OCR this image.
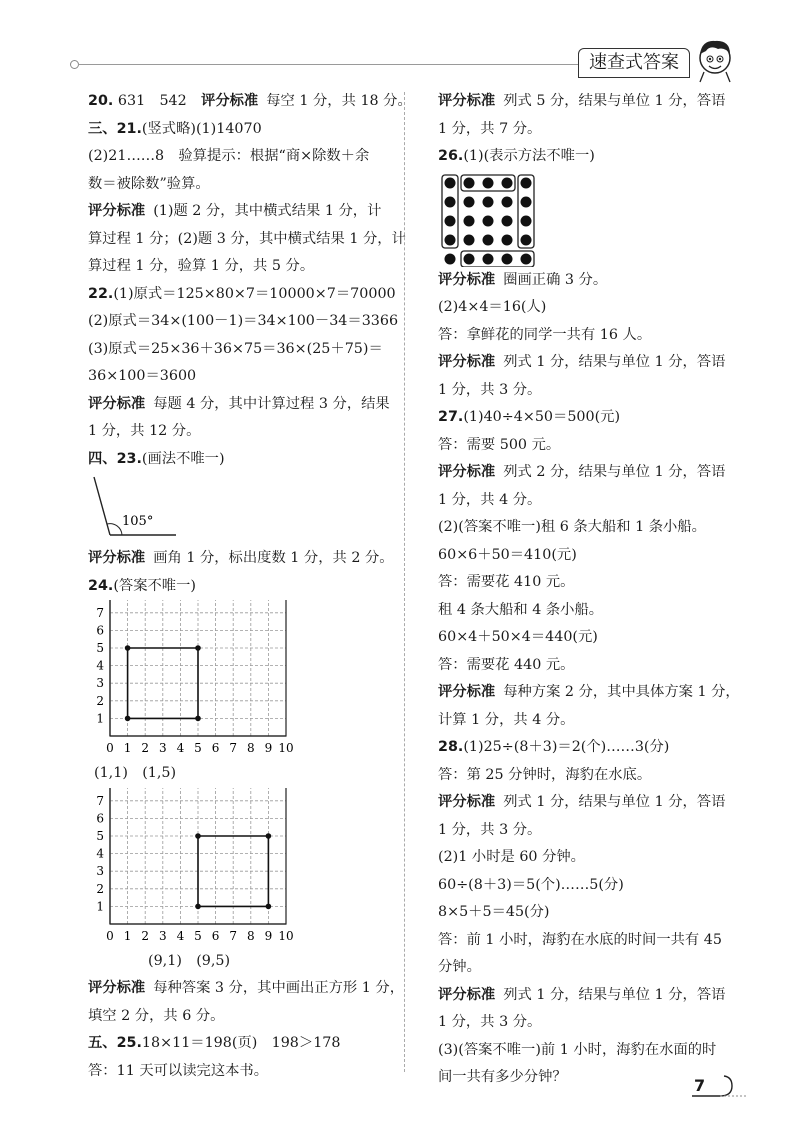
速查式答案
20. 631　542　 评分标准 每空 1 分，共 18 分。
三、21.(竖式略)(1)14070
(2)21……8　验算提示：根据“商×除数＋余
数＝被除数”验算。
评分标准 (1)题 2 分，其中横式结果 1 分，计
算过程 1 分；(2)题 3 分，其中横式结果 1 分，计
算过程 1 分，验算 1 分，共 5 分。
22.(1)原式＝125×80×7＝10000×7＝70000
(2)原式＝34×(100－1)＝34×100－34＝3366
(3)原式＝25×36＋36×75＝36×(25＋75)＝
36×100＝3600
评分标准 每题 4 分，其中计算过程 3 分，结果
1 分，共 12 分。
四、23.(画法不唯一)
105°
评分标准 画角 1 分，标出度数 1 分，共 2 分。
24.(答案不唯一)
0 1 2 3 4 5 6 7 8 9 10
1
2
3
4
5
6
7
(1,1)　(1,5)
0 1 2 3 4 5 6 7 8 9 10
1
2
3
4
5
6
7
(9,1)　(9,5)
评分标准 每种答案 3 分，其中画出正方形 1 分，
填空 2 分，共 6 分。
五、25.18×11＝198(页)　198＞178
答：11 天可以读完这本书。
评分标准 列式 5 分，结果与单位 1 分，答语
1 分，共 7 分。
26.(1)(表示方法不唯一)
评分标准 圈画正确 3 分。
(2)4×4＝16(人)
答：拿鲜花的同学一共有 16 人。
评分标准 列式 1 分，结果与单位 1 分，答语
1 分，共 3 分。
27.(1)40÷4×50＝500(元)
答：需要 500 元。
评分标准 列式 2 分，结果与单位 1 分，答语
1 分，共 4 分。
(2)(答案不唯一)租 6 条大船和 1 条小船。
60×6＋50＝410(元)
答：需要花 410 元。
租 4 条大船和 4 条小船。
60×4＋50×4＝440(元)
答：需要花 440 元。
评分标准 每种方案 2 分，其中具体方案 1 分，
计算 1 分，共 4 分。
28.(1)25÷(8＋3)＝2(个)……3(分)
答：第 25 分钟时，海豹在水底。
评分标准 列式 1 分，结果与单位 1 分，答语
1 分，共 3 分。
(2)1 小时是 60 分钟。
60÷(8＋3)＝5(个)……5(分)
8×5＋5＝45(分)
答：前 1 小时，海豹在水底的时间一共有 45
分钟。
评分标准 列式 1 分，结果与单位 1 分，答语
1 分，共 3 分。
(3)(答案不唯一)前 1 小时，海豹在水面的时
间一共有多少分钟？	7
